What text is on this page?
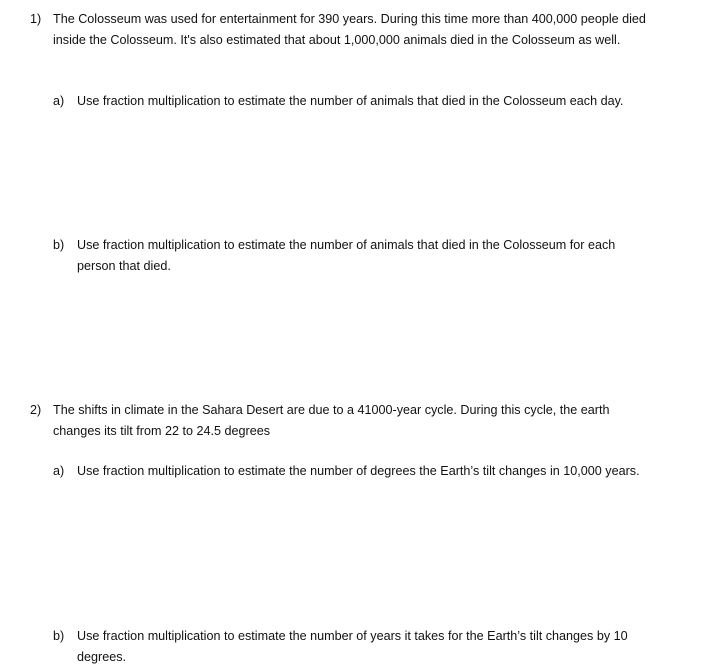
1) The Colosseum was used for entertainment for 390 years. During this time more than 400,000 people died inside the Colosseum. It's also estimated that about 1,000,000 animals died in the Colosseum as well.
a)	Use fraction multiplication to estimate the number of animals that died in the Colosseum each day.
b)	Use fraction multiplication to estimate the number of animals that died in the Colosseum for each person that died.
2) The shifts in climate in the Sahara Desert are due to a 41000-year cycle. During this cycle, the earth changes its tilt from 22 to 24.5 degrees
a)	Use fraction multiplication to estimate the number of degrees the Earth’s tilt changes in 10,000 years.
b)	Use fraction multiplication to estimate the number of years it takes for the Earth’s tilt changes by 10 degrees.
